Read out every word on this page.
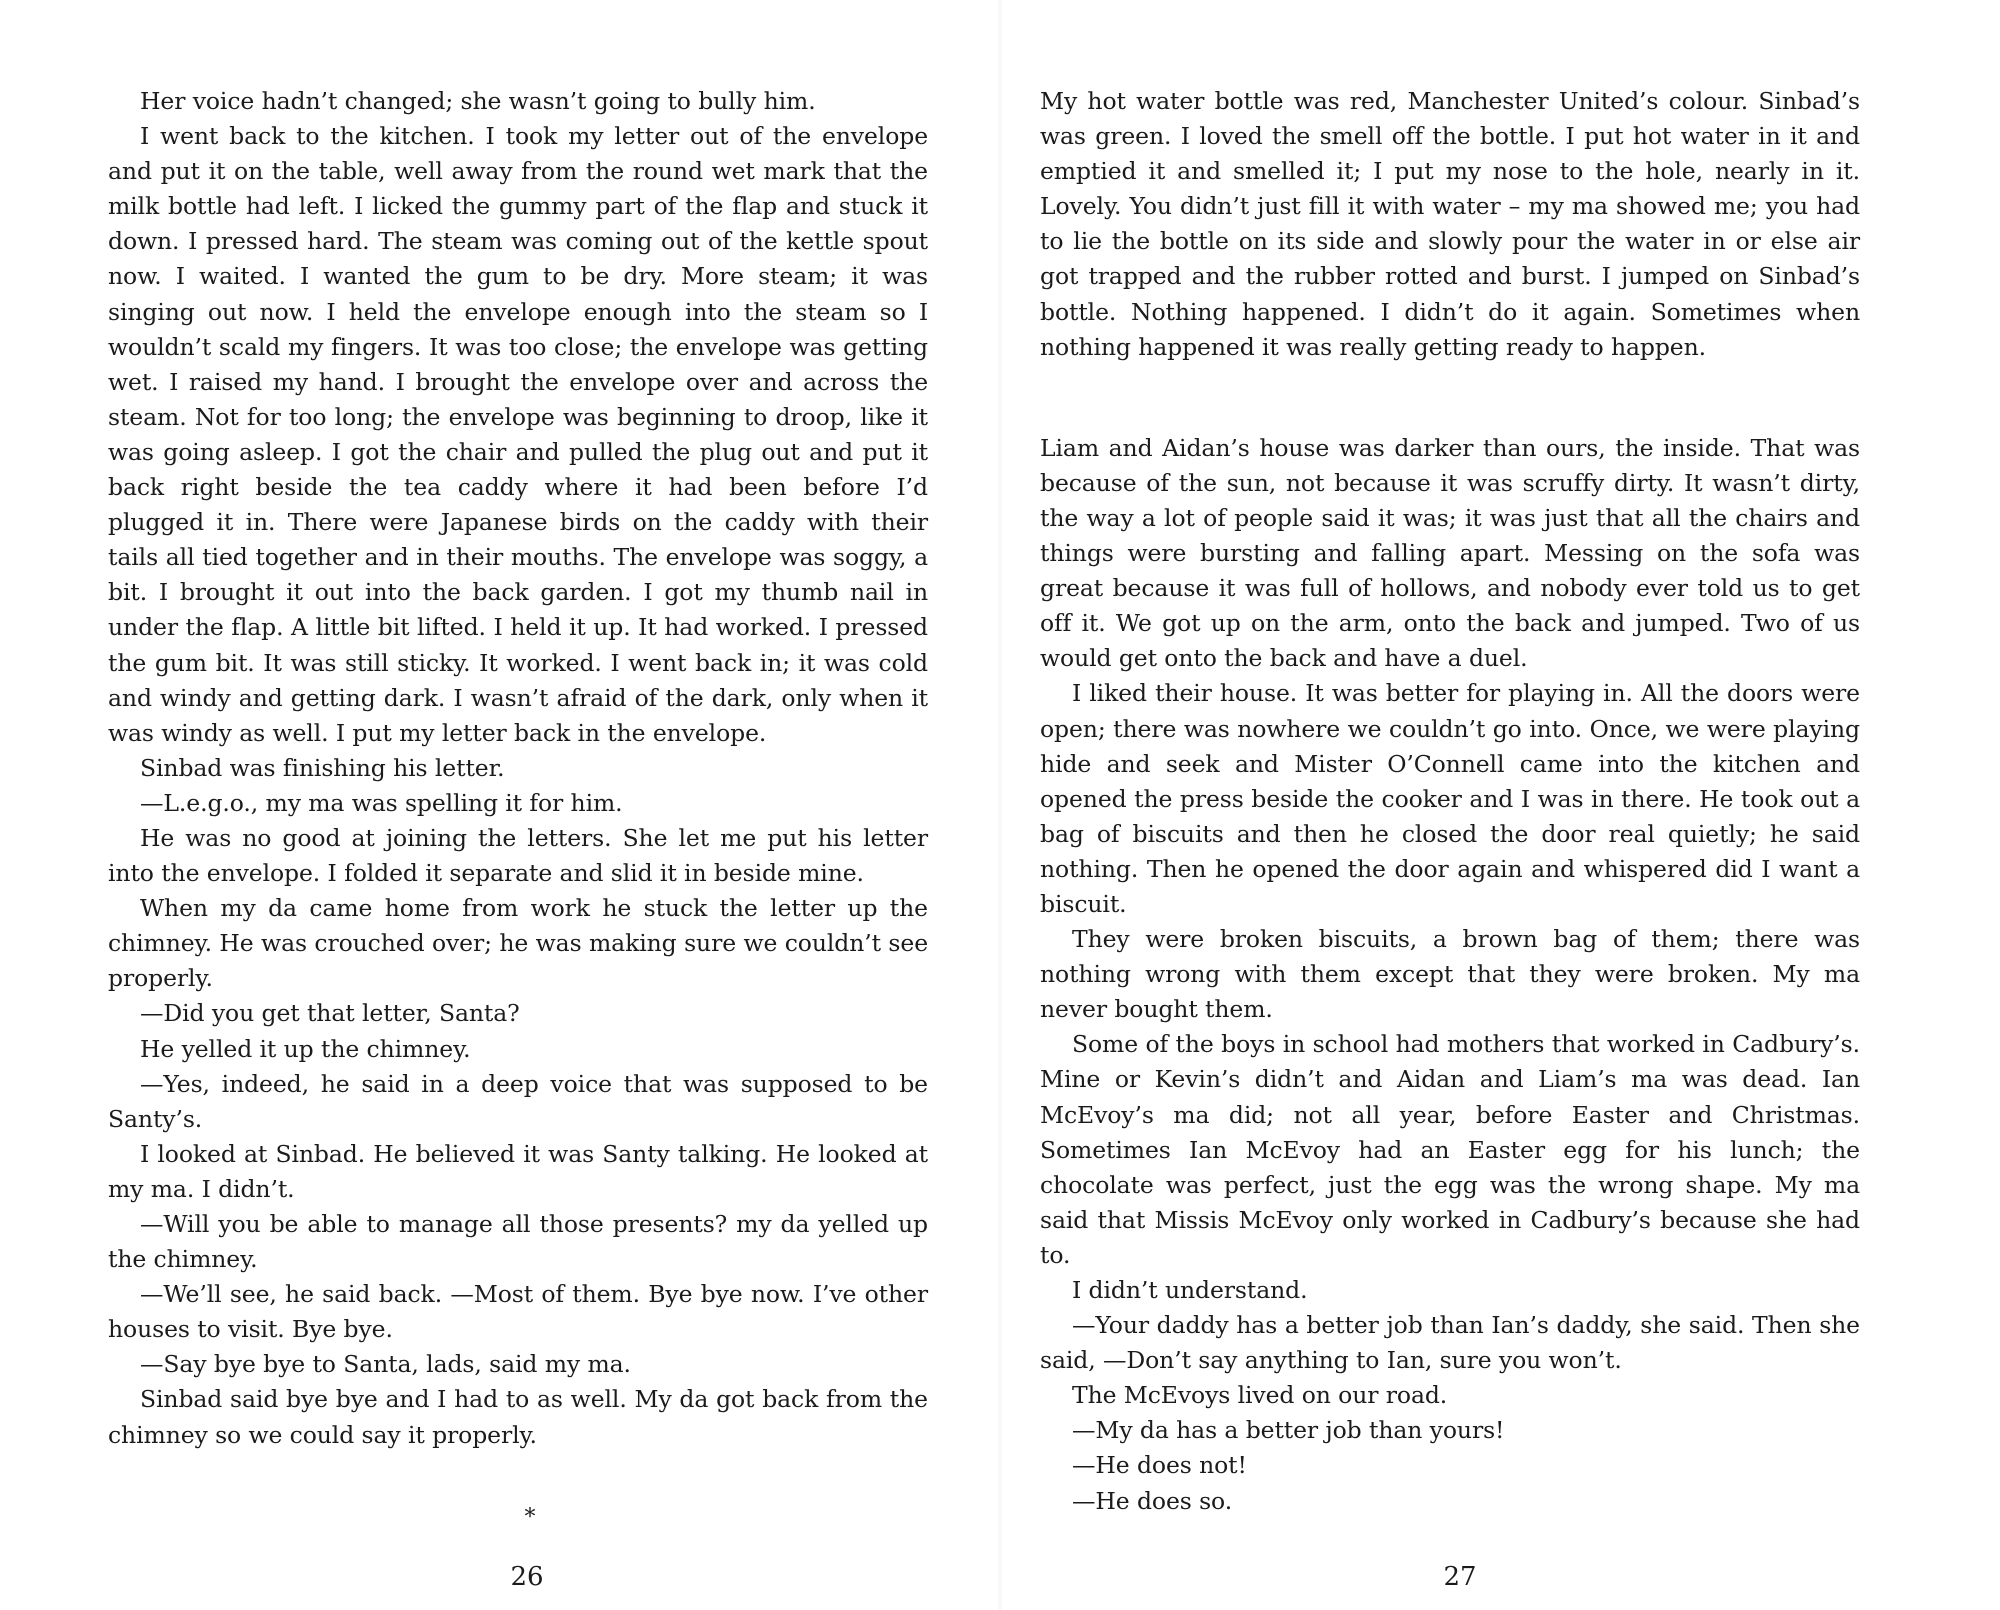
Her voice hadn’t changed; she wasn’t going to bully him.

I went back to the kitchen. I took my letter out of the envelope and put it on the table, well away from the round wet mark that the milk bottle had left. I licked the gummy part of the flap and stuck it down. I pressed hard. The steam was coming out of the kettle spout now. I waited. I wanted the gum to be dry. More steam; it was singing out now. I held the envelope enough into the steam so I wouldn’t scald my fingers. It was too close; the envelope was getting wet. I raised my hand. I brought the envelope over and across the steam. Not for too long; the envelope was beginning to droop, like it was going asleep. I got the chair and pulled the plug out and put it back right beside the tea caddy where it had been before I’d plugged it in. There were Japanese birds on the caddy with their tails all tied together and in their mouths. The envelope was soggy, a bit. I brought it out into the back garden. I got my thumb nail in under the flap. A little bit lifted. I held it up. It had worked. I pressed the gum bit. It was still sticky. It worked. I went back in; it was cold and windy and getting dark. I wasn’t afraid of the dark, only when it was windy as well. I put my letter back in the envelope.

Sinbad was finishing his letter.

—L.e.g.o., my ma was spelling it for him.

He was no good at joining the letters. She let me put his letter into the envelope. I folded it separate and slid it in beside mine.

When my da came home from work he stuck the letter up the chimney. He was crouched over; he was making sure we couldn’t see properly.

—Did you get that letter, Santa?

He yelled it up the chimney.

—Yes, indeed, he said in a deep voice that was supposed to be Santy’s.

I looked at Sinbad. He believed it was Santy talking. He looked at my ma. I didn’t.

—Will you be able to manage all those presents? my da yelled up the chimney.

—We’ll see, he said back. —Most of them. Bye bye now. I’ve other houses to visit. Bye bye.

—Say bye bye to Santa, lads, said my ma.

Sinbad said bye bye and I had to as well. My da got back from the chimney so we could say it properly.

*
26

My hot water bottle was red, Manchester United’s colour. Sinbad’s was green. I loved the smell off the bottle. I put hot water in it and emptied it and smelled it; I put my nose to the hole, nearly in it. Lovely. You didn’t just fill it with water – my ma showed me; you had to lie the bottle on its side and slowly pour the water in or else air got trapped and the rubber rotted and burst. I jumped on Sinbad’s bottle. Nothing happened. I didn’t do it again. Sometimes when nothing happened it was really getting ready to happen.

Liam and Aidan’s house was darker than ours, the inside. That was because of the sun, not because it was scruffy dirty. It wasn’t dirty, the way a lot of people said it was; it was just that all the chairs and things were bursting and falling apart. Messing on the sofa was great because it was full of hollows, and nobody ever told us to get off it. We got up on the arm, onto the back and jumped. Two of us would get onto the back and have a duel.

I liked their house. It was better for playing in. All the doors were open; there was nowhere we couldn’t go into. Once, we were playing hide and seek and Mister O’Connell came into the kitchen and opened the press beside the cooker and I was in there. He took out a bag of biscuits and then he closed the door real quietly; he said nothing. Then he opened the door again and whispered did I want a biscuit.

They were broken biscuits, a brown bag of them; there was nothing wrong with them except that they were broken. My ma never bought them.

Some of the boys in school had mothers that worked in Cadbury’s. Mine or Kevin’s didn’t and Aidan and Liam’s ma was dead. Ian McEvoy’s ma did; not all year, before Easter and Christmas. Sometimes Ian McEvoy had an Easter egg for his lunch; the chocolate was perfect, just the egg was the wrong shape. My ma said that Missis McEvoy only worked in Cadbury’s because she had to.

I didn’t understand.

—Your daddy has a better job than Ian’s daddy, she said. Then she said, —Don’t say anything to Ian, sure you won’t.

The McEvoys lived on our road.

—My da has a better job than yours!

—He does not!

—He does so.

27
